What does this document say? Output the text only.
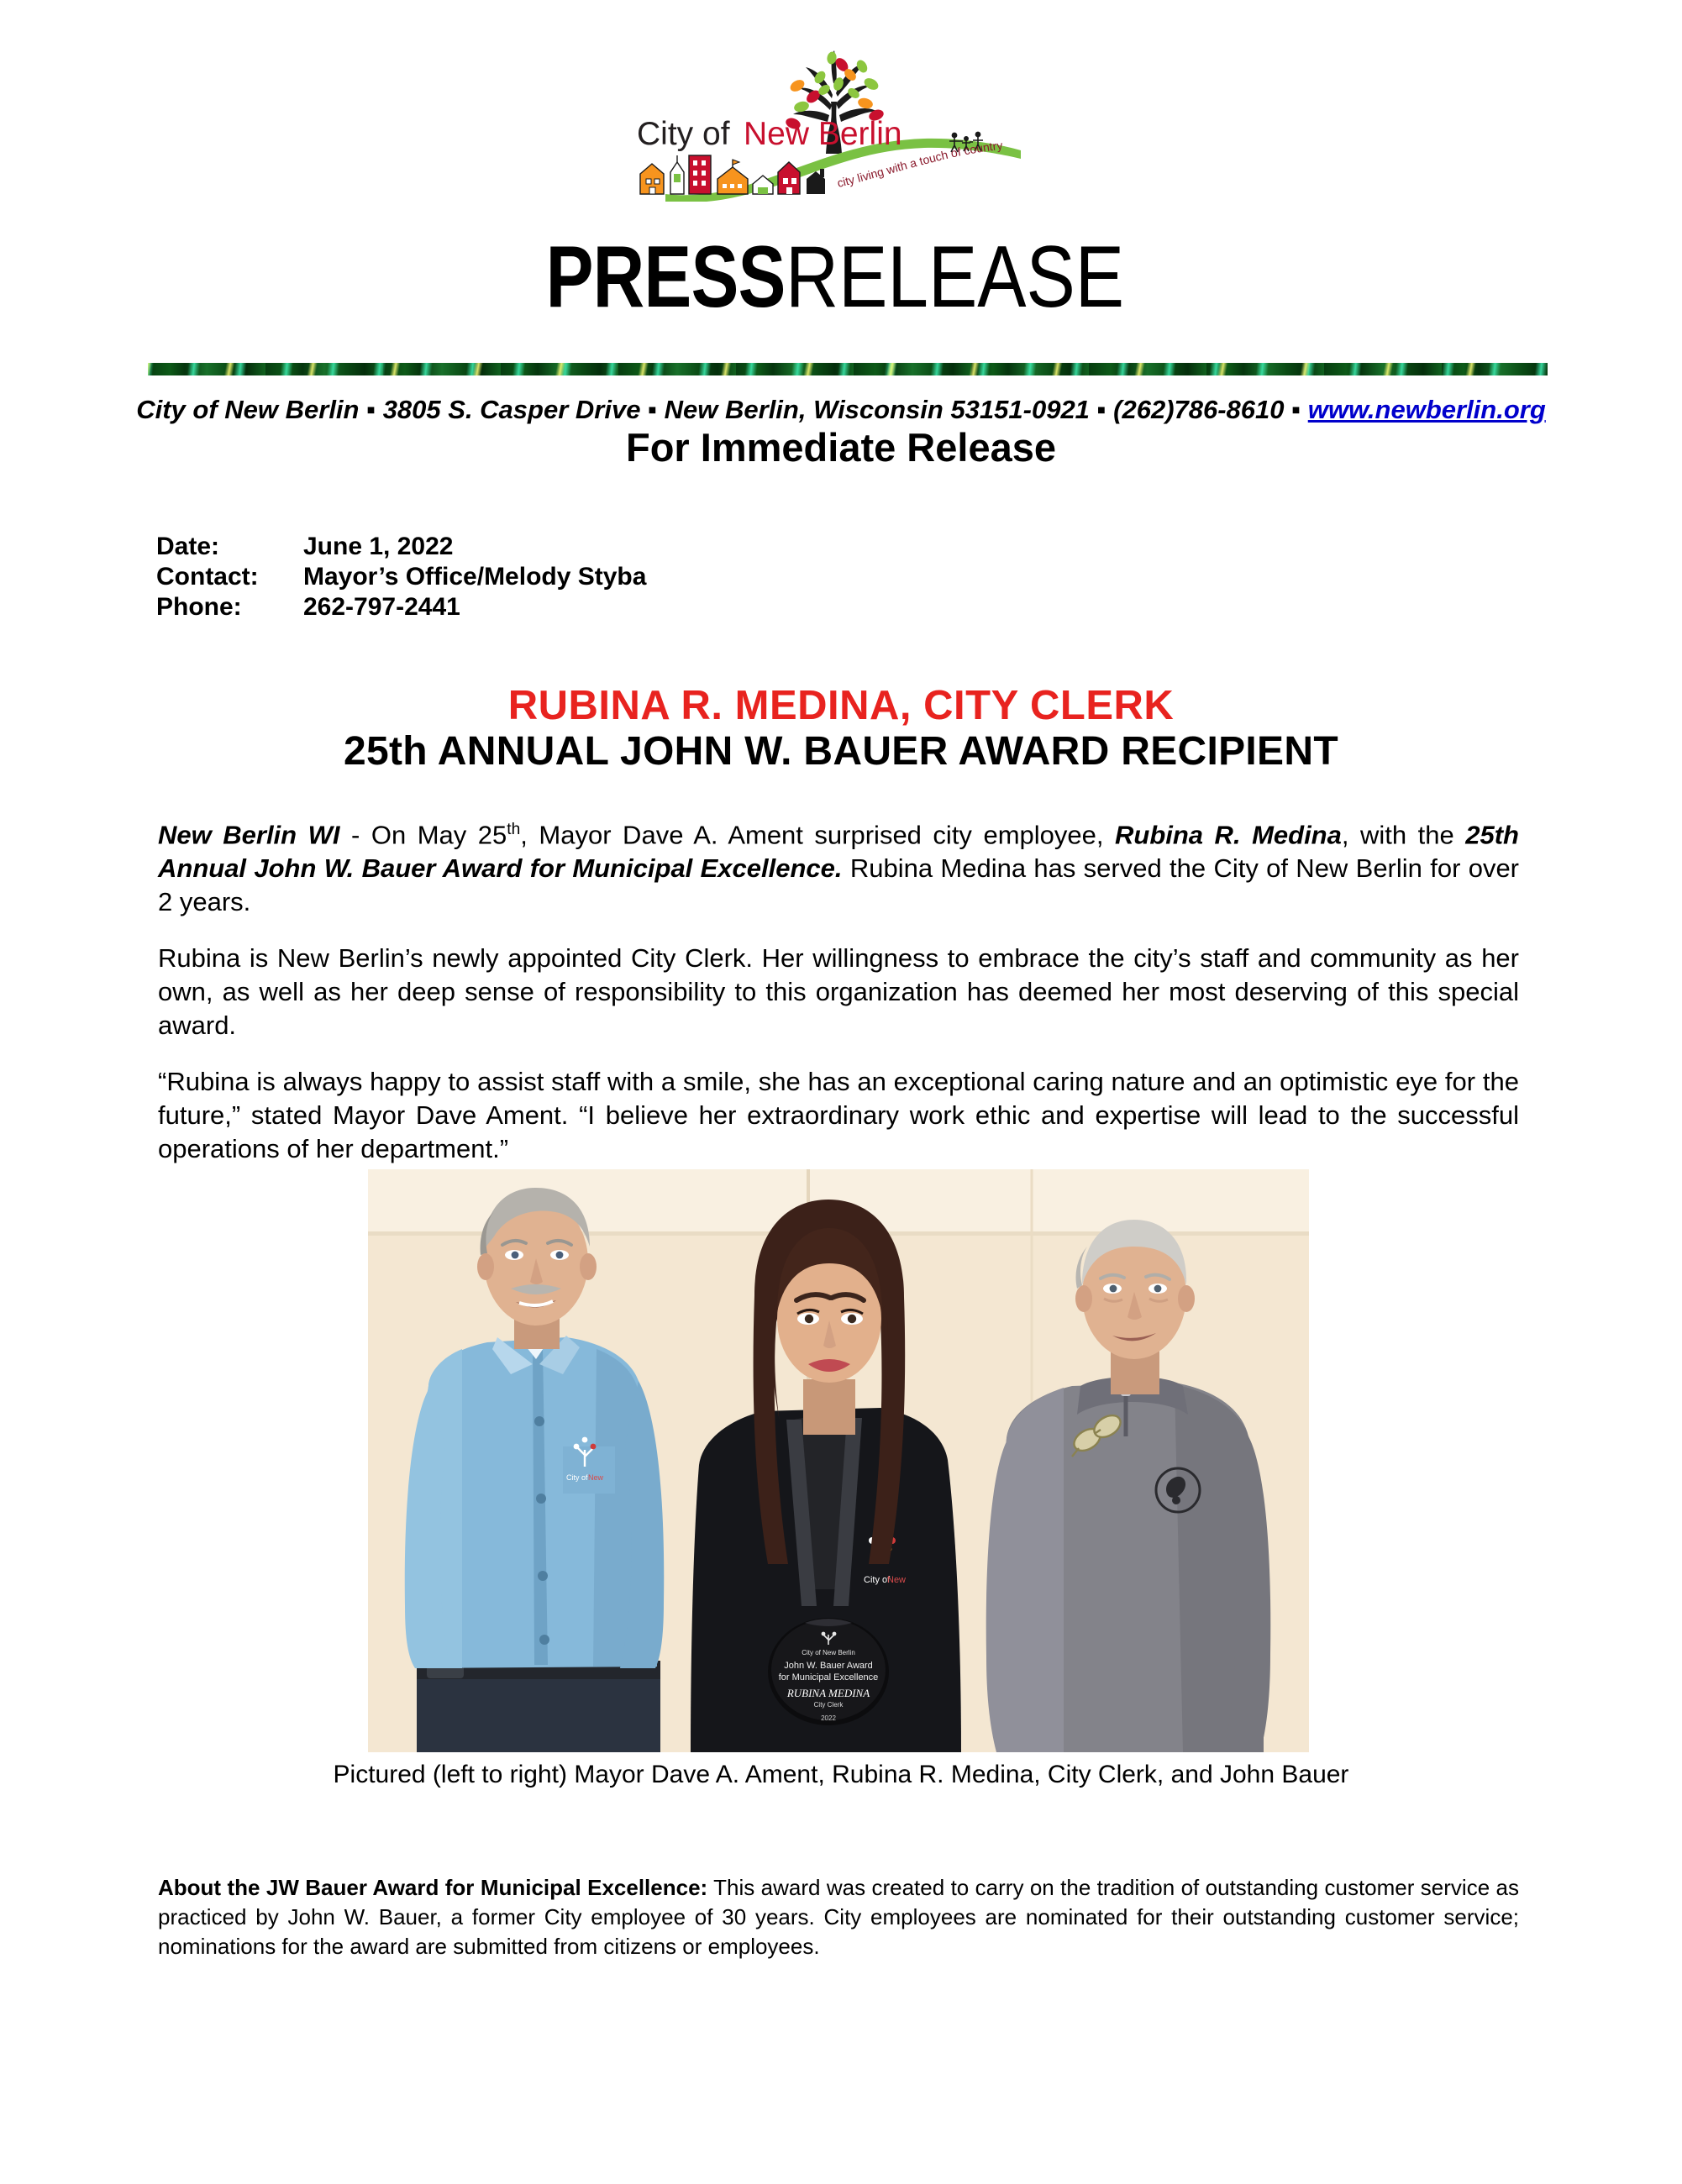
City of New Berlin
city living with a touch of country
PRESSRELEASE
City of New Berlin ▪ 3805 S. Casper Drive ▪ New Berlin, Wisconsin 53151-0921 ▪ (262)786-8610 ▪ www.newberlin.org
For Immediate Release
Date:	June 1, 2022
Contact:	Mayor’s Office/Melody Styba
Phone:	262-797-2441
RUBINA R. MEDINA, CITY CLERK
25th ANNUAL JOHN W. BAUER AWARD RECIPIENT

New Berlin WI - On May 25th, Mayor Dave A. Ament surprised city employee, Rubina R. Medina, with the 25th Annual John W. Bauer Award for Municipal Excellence. Rubina Medina has served the City of New Berlin for over 2 years.

Rubina is New Berlin’s newly appointed City Clerk. Her willingness to embrace the city’s staff and community as her own, as well as her deep sense of responsibility to this organization has deemed her most deserving of this special award.

“Rubina is always happy to assist staff with a smile, she has an exceptional caring nature and an optimistic eye for the future,” stated Mayor Dave Ament. “I believe her extraordinary work ethic and expertise will lead to the successful operations of her department.”

City of New
City of
New
City of New Berlin
John W. Bauer Award
for Municipal Excellence
RUBINA MEDINA
City Clerk
2022
Pictured (left to right) Mayor Dave A. Ament, Rubina R. Medina, City Clerk, and John Bauer
About the JW Bauer Award for Municipal Excellence: This award was created to carry on the tradition of outstanding customer service as practiced by John W. Bauer, a former City employee of 30 years. City employees are nominated for their outstanding customer service; nominations for the award are submitted from citizens or employees.
